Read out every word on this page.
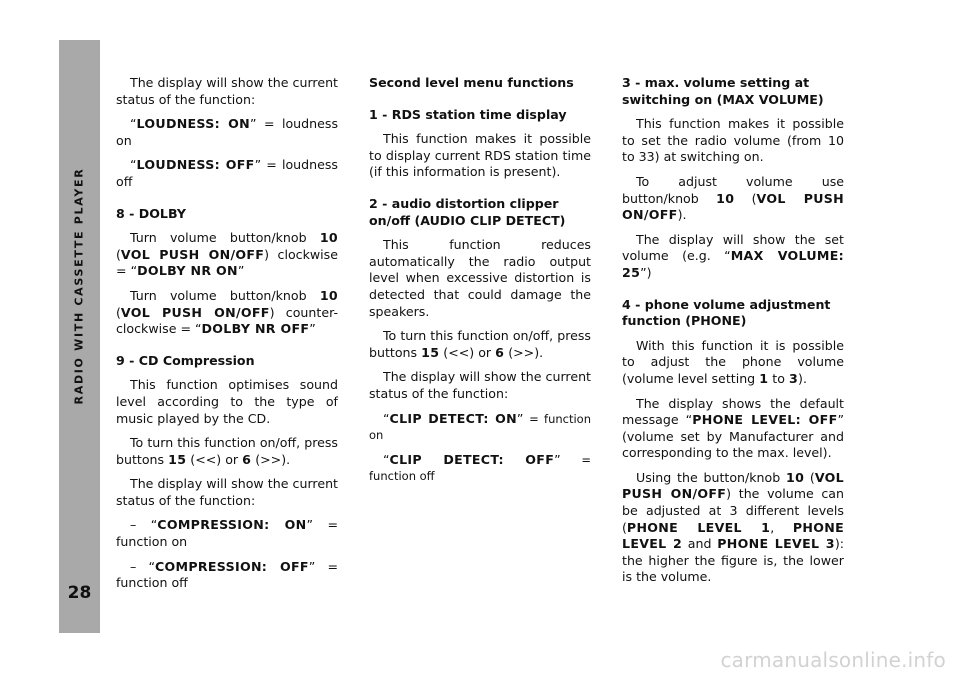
RADIO WITH CASSETTE PLAYER
28

The display will show the current status of the function:

“LOUDNESS: ON” = loudness on

“LOUDNESS: OFF” = loudness off

8 - DOLBY

Turn volume button/knob 10 (VOL PUSH ON/OFF) clockwise = “DOLBY NR ON”

Turn volume button/knob 10 (VOL PUSH ON/OFF) counter-clockwise = “DOLBY NR OFF”

9 - CD Compression

This function optimises sound level according to the type of music played by the CD.

To turn this function on/off, press buttons 15 (<<) or 6 (>>).

The display will show the current status of the function:

– “COMPRESSION: ON” = function on

– “COMPRESSION: OFF” = function off

Second level menu functions

1 - RDS station time display

This function makes it possible to display current RDS station time (if this information is present).

2 - audio distortion clipper on/off (AUDIO CLIP DETECT)

This function reduces automatically the radio output level when excessive distortion is detected that could damage the speakers.

To turn this function on/off, press buttons 15 (<<) or 6 (>>).

The display will show the current status of the function:

“CLIP DETECT: ON” = function on

“CLIP DETECT: OFF” = function off

3 - max. volume setting at switching on (MAX VOLUME)

This function makes it possible to set the radio volume (from 10 to 33) at switching on.

To adjust volume use button/knob 10 (VOL PUSH ON/OFF).

The display will show the set volume (e.g. “MAX VOLUME: 25”)

4 - phone volume adjustment function (PHONE)

With this function it is possible to adjust the phone volume (volume level setting 1 to 3).

The display shows the default message “PHONE LEVEL: OFF” (volume set by Manufacturer and corresponding to the max. level).

Using the button/knob 10 (VOL PUSH ON/OFF) the volume can be adjusted at 3 different levels (PHONE LEVEL 1, PHONE LEVEL 2 and PHONE LEVEL 3): the higher the figure is, the lower is the volume.

carmanualsonline.info
